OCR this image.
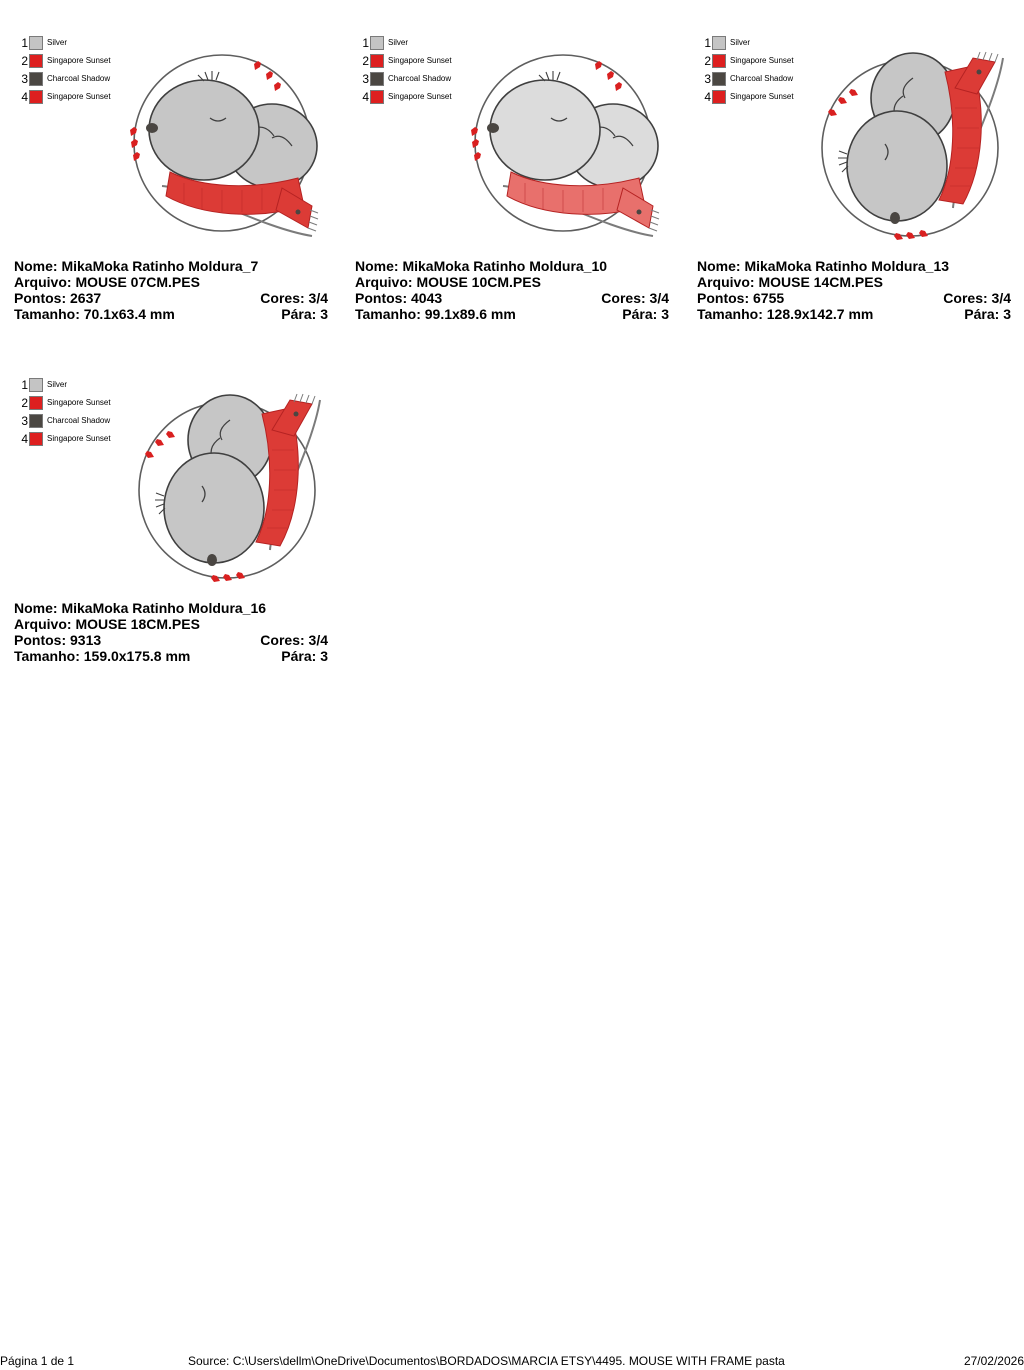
1 Silver
2 Singapore Sunset
3 Charcoal Shadow
4 Singapore Sunset
Nome: MikaMoka Ratinho Moldura_7
Arquivo: MOUSE 07CM.PES
Pontos: 2637	Cores: 3/4
Tamanho: 70.1x63.4 mm	Pára: 3
1 Silver
2 Singapore Sunset
3 Charcoal Shadow
4 Singapore Sunset
Nome: MikaMoka Ratinho Moldura_10
Arquivo: MOUSE 10CM.PES
Pontos: 4043	Cores: 3/4
Tamanho: 99.1x89.6 mm	Pára: 3
1 Silver
2 Singapore Sunset
3 Charcoal Shadow
4 Singapore Sunset
Nome: MikaMoka Ratinho Moldura_13
Arquivo: MOUSE 14CM.PES
Pontos: 6755	Cores: 3/4
Tamanho: 128.9x142.7 mm	Pára: 3
1 Silver
2 Singapore Sunset
3 Charcoal Shadow
4 Singapore Sunset
Nome: MikaMoka Ratinho Moldura_16
Arquivo: MOUSE 18CM.PES
Pontos: 9313	Cores: 3/4
Tamanho: 159.0x175.8 mm	Pára: 3
Página 1 de 1	Source: C:\Users\dellm\OneDrive\Documentos\BORDADOS\MARCIA ETSY\4495. MOUSE WITH FRAME pasta	27/02/2026
